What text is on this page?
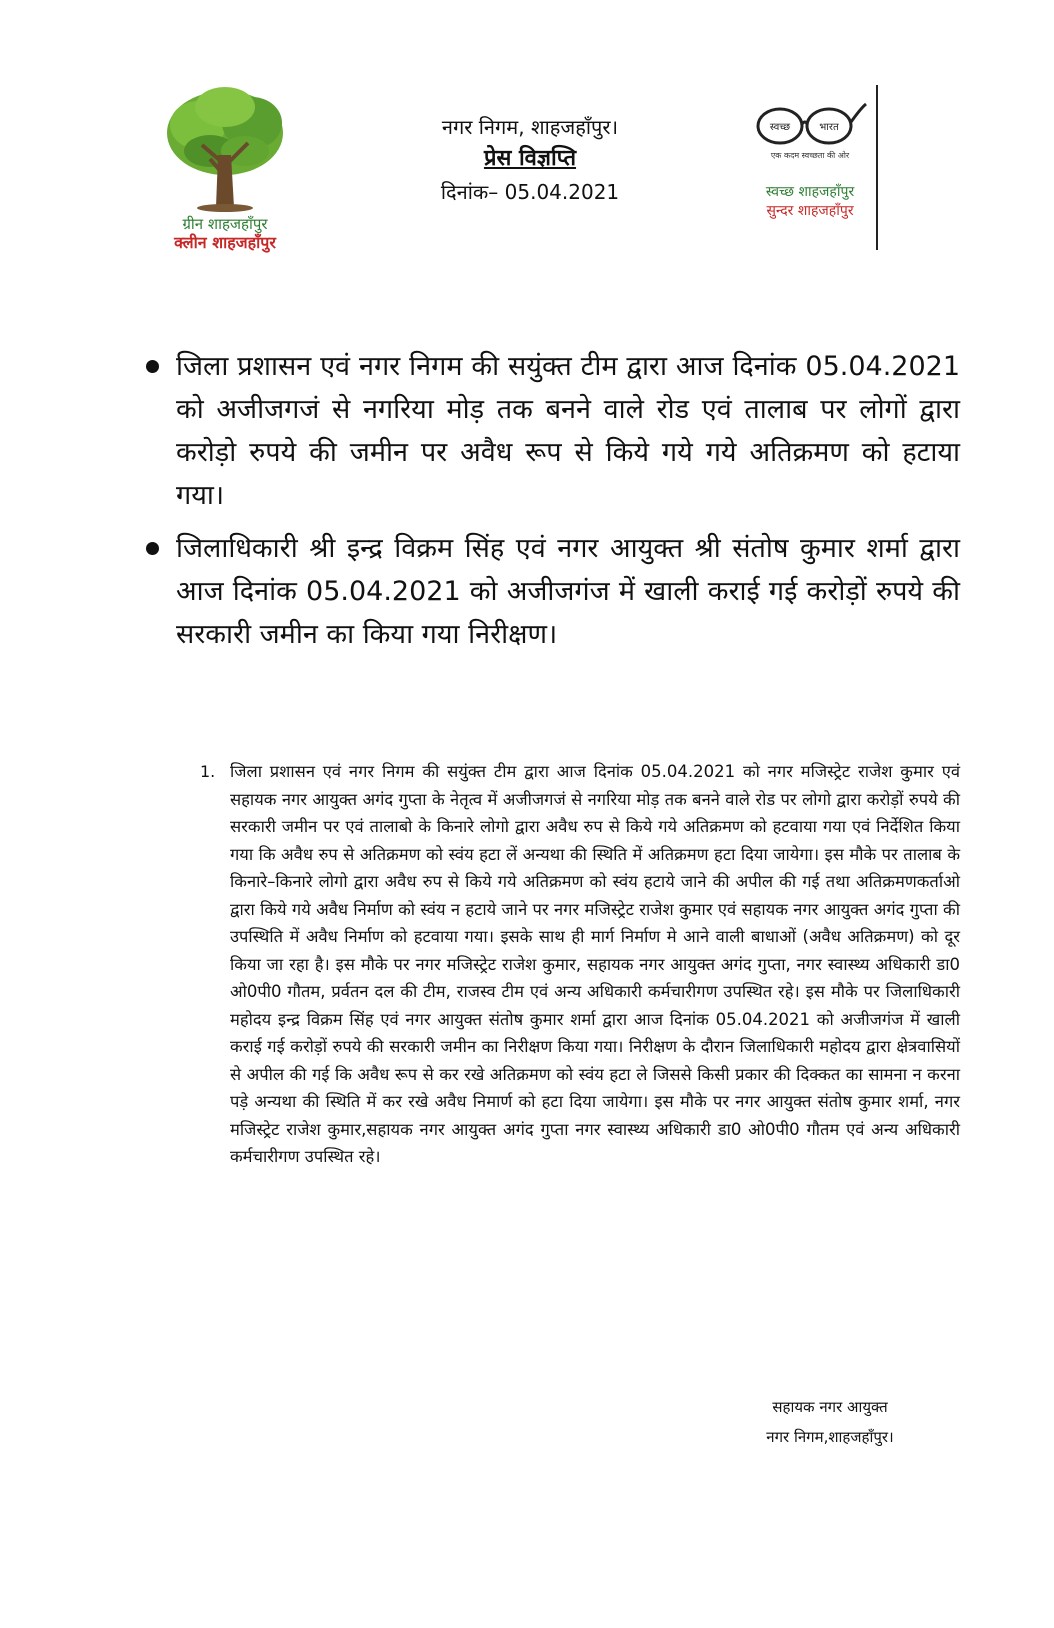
ग्रीन शाहजहाँपुर
क्लीन शाहजहाँपुर
नगर निगम, शाहजहाँपुर।
प्रेस विज्ञप्ति
दिनांक– 05.04.2021
स्वच्छ	भारत
एक कदम स्वच्छता की ओर
स्वच्छ शाहजहाँपुर
सुन्दर शाहजहाँपुर
जिला प्रशासन एवं नगर निगम की सयुंक्त टीम द्वारा आज दिनांक 05.04.2021 को अजीजगजं से नगरिया मोड़ तक बनने वाले रोड एवं तालाब पर लोगों द्वारा करोड़ो रुपये की जमीन पर अवैध रूप से किये गये गये अतिक्रमण को हटाया गया।
जिलाधिकारी श्री इन्द्र विक्रम सिंह एवं नगर आयुक्त श्री संतोष कुमार शर्मा द्वारा आज दिनांक 05.04.2021 को अजीजगंज में खाली कराई गई करोड़ों रुपये की सरकारी जमीन का किया गया निरीक्षण।
1. जिला प्रशासन एवं नगर निगम की सयुंक्त टीम द्वारा आज दिनांक 05.04.2021 को नगर मजिस्ट्रेट राजेश कुमार एवं सहायक नगर आयुक्त अगंद गुप्ता के नेतृत्व में अजीजगजं से नगरिया मोड़ तक बनने वाले रोड पर लोगो द्वारा करोड़ों रुपये की सरकारी जमीन पर एवं तालाबो के किनारे लोगो द्वारा अवैध रुप से किये गये अतिक्रमण को हटवाया गया एवं निर्देशित किया गया कि अवैध रुप से अतिक्रमण को स्वंय हटा लें अन्यथा की स्थिति में अतिक्रमण हटा दिया जायेगा। इस मौके पर तालाब के किनारे–किनारे लोगो द्वारा अवैध रुप से किये गये अतिक्रमण को स्वंय हटाये जाने की अपील की गई तथा अतिक्रमणकर्ताओ द्वारा किये गये अवैध निर्माण को स्वंय न हटाये जाने पर नगर मजिस्ट्रेट राजेश कुमार एवं सहायक नगर आयुक्त अगंद गुप्ता की उपस्थिति में अवैध निर्माण को हटवाया गया। इसके साथ ही मार्ग निर्माण मे आने वाली बाधाओं (अवैध अतिक्रमण) को दूर किया जा रहा है। इस मौके पर नगर मजिस्ट्रेट राजेश कुमार, सहायक नगर आयुक्त अगंद गुप्ता, नगर स्वास्थ्य अधिकारी डा0 ओ0पी0 गौतम, प्रर्वतन दल की टीम, राजस्व टीम एवं अन्य अधिकारी कर्मचारीगण उपस्थित रहे। इस मौके पर जिलाधिकारी महोदय इन्द्र विक्रम सिंह एवं नगर आयुक्त संतोष कुमार शर्मा द्वारा आज दिनांक 05.04.2021 को अजीजगंज में खाली कराई गई करोड़ों रुपये की सरकारी जमीन का निरीक्षण किया गया। निरीक्षण के दौरान जिलाधिकारी महोदय द्वारा क्षेत्रवासियों से अपील की गई कि अवैध रूप से कर रखे अतिक्रमण को स्वंय हटा ले जिससे किसी प्रकार की दिक्कत का सामना न करना पड़े अन्यथा की स्थिति में कर रखे अवैध निमार्ण को हटा दिया जायेगा। इस मौके पर नगर आयुक्त संतोष कुमार शर्मा, नगर मजिस्ट्रेट राजेश कुमार,सहायक नगर आयुक्त अगंद गुप्ता नगर स्वास्थ्य अधिकारी डा0 ओ0पी0 गौतम एवं अन्य अधिकारी कर्मचारीगण उपस्थित रहे।
सहायक नगर आयुक्त
नगर निगम,शाहजहाँपुर।
